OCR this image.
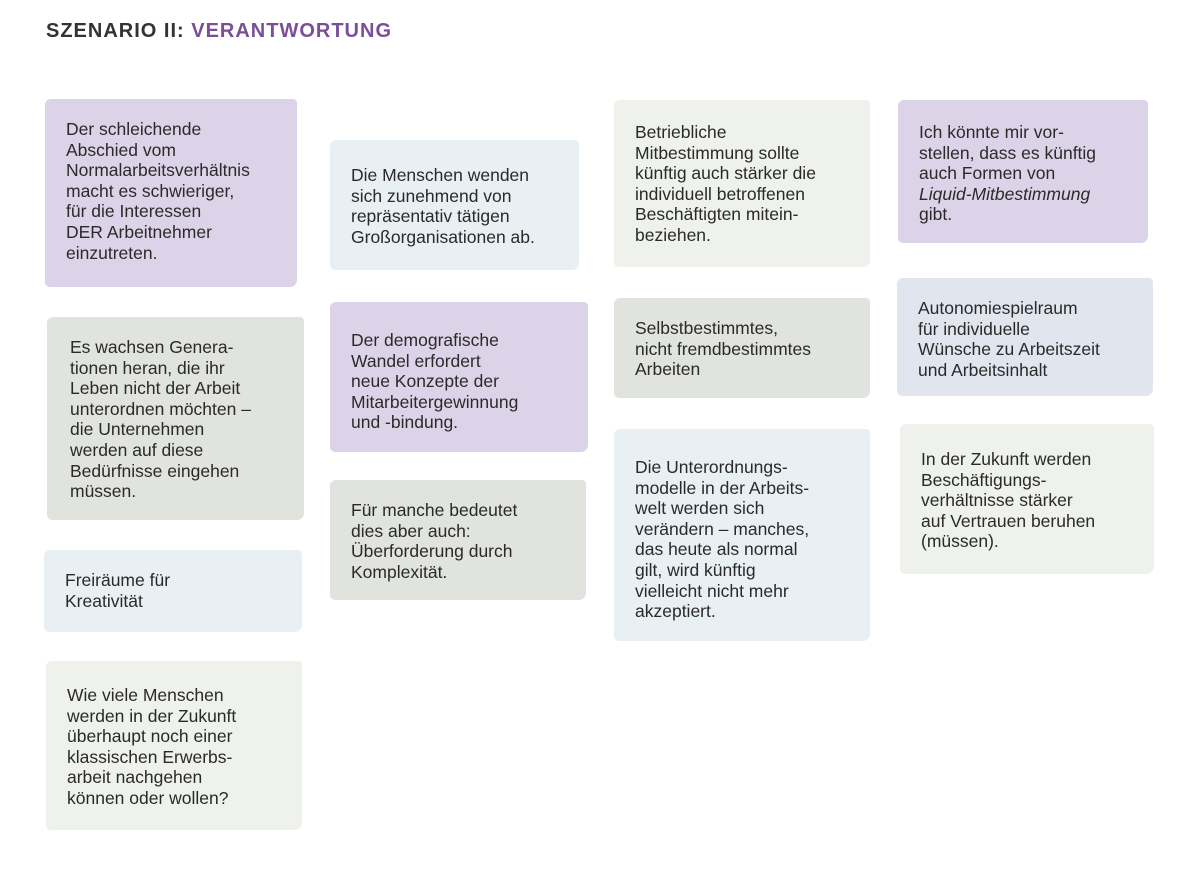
SZENARIO II: VERANTWORTUNG
Der schleichende
Abschied vom
Normalarbeitsverhältnis
macht es schwieriger,
für die Interessen
DER Arbeitnehmer
einzutreten.
Es wachsen Genera-
tionen heran, die ihr
Leben nicht der Arbeit
unterordnen möchten –
die Unternehmen
werden auf diese
Bedürfnisse eingehen
müssen.
Freiräume für
Kreativität
Wie viele Menschen
werden in der Zukunft
überhaupt noch einer
klassischen Erwerbs-
arbeit nachgehen
können oder wollen?
Die Menschen wenden
sich zunehmend von
repräsentativ tätigen
Großorganisationen ab.
Der demografische
Wandel erfordert
neue Konzepte der
Mitarbeitergewinnung
und -bindung.
Für manche bedeutet
dies aber auch:
Überforderung durch
Komplexität.
Betriebliche
Mitbestimmung sollte
künftig auch stärker die
individuell betroffenen
Beschäftigten mitein-
beziehen.
Selbstbestimmtes,
nicht fremdbestimmtes
Arbeiten
Die Unterordnungs-
modelle in der Arbeits-
welt werden sich
verändern – manches,
das heute als normal
gilt, wird künftig
vielleicht nicht mehr
akzeptiert.
Ich könnte mir vor-
stellen, dass es künftig
auch Formen von
Liquid-Mitbestimmung
gibt.
Autonomiespielraum
für individuelle
Wünsche zu Arbeitszeit
und Arbeitsinhalt
In der Zukunft werden
Beschäftigungs-
verhältnisse stärker
auf Vertrauen beruhen
(müssen).
